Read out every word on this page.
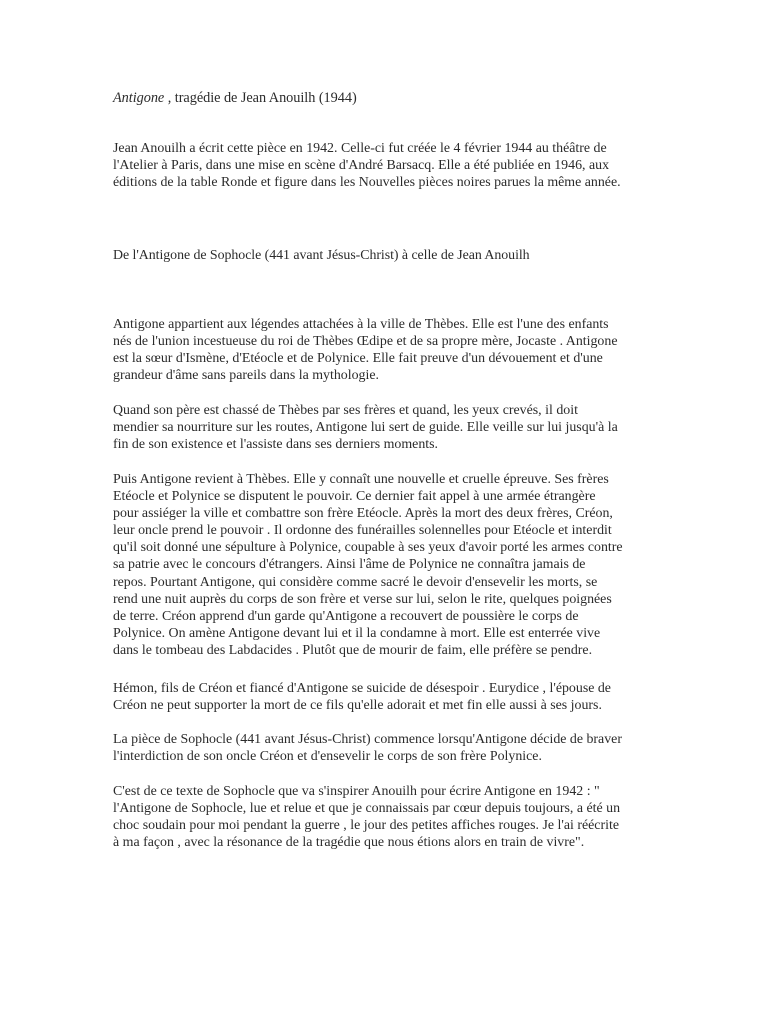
Antigone , tragédie de Jean Anouilh (1944)

Jean Anouilh a écrit cette pièce en 1942. Celle-ci fut créée le 4 février 1944 au théâtre de
l'Atelier à Paris, dans une mise en scène d'André Barsacq. Elle a été publiée en 1946, aux
éditions de la table Ronde et figure dans les Nouvelles pièces noires parues la même année.

De l'Antigone de Sophocle (441 avant Jésus-Christ) à celle de Jean Anouilh

Antigone appartient aux légendes attachées à la ville de Thèbes. Elle est l'une des enfants
nés de l'union incestueuse du roi de Thèbes Œdipe et de sa propre mère, Jocaste . Antigone
est la sœur d'Ismène, d'Etéocle et de Polynice. Elle fait preuve d'un dévouement et d'une
grandeur d'âme sans pareils dans la mythologie.

Quand son père est chassé de Thèbes par ses frères et quand, les yeux crevés, il doit
mendier sa nourriture sur les routes, Antigone lui sert de guide. Elle veille sur lui jusqu'à la
fin de son existence et l'assiste dans ses derniers moments.

Puis Antigone revient à Thèbes. Elle y connaît une nouvelle et cruelle épreuve. Ses frères
Etéocle et Polynice se disputent le pouvoir. Ce dernier fait appel à une armée étrangère
pour assiéger la ville et combattre son frère Etéocle. Après la mort des deux frères, Créon,
leur oncle prend le pouvoir . Il ordonne des funérailles solennelles pour Etéocle et interdit
qu'il soit donné une sépulture à Polynice, coupable à ses yeux d'avoir porté les armes contre
sa patrie avec le concours d'étrangers. Ainsi l'âme de Polynice ne connaîtra jamais de
repos. Pourtant Antigone, qui considère comme sacré le devoir d'ensevelir les morts, se
rend une nuit auprès du corps de son frère et verse sur lui, selon le rite, quelques poignées
de terre. Créon apprend d'un garde qu'Antigone a recouvert de poussière le corps de
Polynice. On amène Antigone devant lui et il la condamne à mort. Elle est enterrée vive
dans le tombeau des Labdacides . Plutôt que de mourir de faim, elle préfère se pendre.

Hémon, fils de Créon et fiancé d'Antigone se suicide de désespoir . Eurydice , l'épouse de
Créon ne peut supporter la mort de ce fils qu'elle adorait et met fin elle aussi à ses jours.

La pièce de Sophocle (441 avant Jésus-Christ) commence lorsqu'Antigone décide de braver
l'interdiction de son oncle Créon et d'ensevelir le corps de son frère Polynice.

C'est de ce texte de Sophocle que va s'inspirer Anouilh pour écrire Antigone en 1942 : "
l'Antigone de Sophocle, lue et relue et que je connaissais par cœur depuis toujours, a été un
choc soudain pour moi pendant la guerre , le jour des petites affiches rouges. Je l'ai réécrite
à ma façon , avec la résonance de la tragédie que nous étions alors en train de vivre".
